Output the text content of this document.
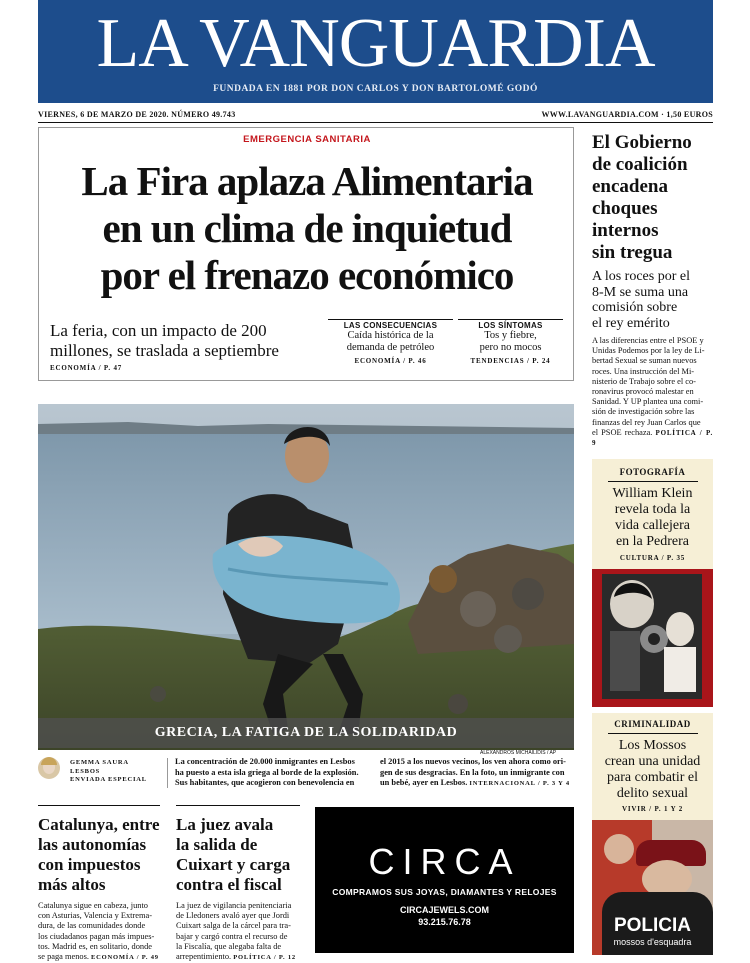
LA VANGUARDIA
FUNDADA EN 1881 POR DON CARLOS Y DON BARTOLOMÉ GODÓ
VIERNES, 6 DE MARZO DE 2020. NÚMERO 49.743	WWW.LAVANGUARDIA.COM · 1,50 EUROS
EMERGENCIA SANITARIA
La Fira aplaza Alimentaria
en un clima de inquietud
por el frenazo económico
La feria, con un impacto de 200
millones, se traslada a septiembre
ECONOMÍA / P. 47
LAS CONSECUENCIAS
Caída histórica de la
demanda de petróleo
ECONOMÍA / P. 46
LOS SÍNTOMAS
Tos y fiebre,
pero no mocos
TENDENCIAS / P. 24
El Gobierno
de coalición
encadena
choques
internos
sin tregua
A los roces por el
8-M se suma una
comisión sobre
el rey emérito
A las diferencias entre el PSOE y
Unidas Podemos por la ley de Li-
bertad Sexual se suman nuevos
roces. Una instrucción del Mi-
nisterio de Trabajo sobre el co-
ronavirus provocó malestar en
Sanidad. Y UP plantea una comi-
sión de investigación sobre las
finanzas del rey Juan Carlos que
el PSOE rechaza. POLÍTICA / P. 9
GRECIA, LA FATIGA DE LA SOLIDARIDAD
ALEXANDROS MICHAILIDIS / AP
GEMMA SAURA
LESBOS
ENVIADA ESPECIAL
La concentración de 20.000 inmigrantes en Lesbos
ha puesto a esta isla griega al borde de la explosión.
Sus habitantes, que acogieron con benevolencia en
el 2015 a los nuevos vecinos, los ven ahora como ori-
gen de sus desgracias. En la foto, un inmigrante con
un bebé, ayer en Lesbos. INTERNACIONAL / P. 3 Y 4
Catalunya, entre
las autonomías
con impuestos
más altos
Catalunya sigue en cabeza, junto
con Asturias, Valencia y Extrema-
dura, de las comunidades donde
los ciudadanos pagan más impues-
tos. Madrid es, en solitario, donde
se paga menos. ECONOMÍA / P. 49
La juez avala
la salida de
Cuixart y carga
contra el fiscal
La juez de vigilancia penitenciaria
de Lledoners avaló ayer que Jordi
Cuixart salga de la cárcel para tra-
bajar y cargó contra el recurso de
la Fiscalía, que alegaba falta de
arrepentimiento. POLÍTICA / P. 12
CIRCA
COMPRAMOS SUS JOYAS, DIAMANTES Y RELOJES
CIRCAJEWELS.COM
93.215.76.78
FOTOGRAFÍA
William Klein
revela toda la
vida callejera
en la Pedrera
CULTURA / P. 35
CRIMINALIDAD
Los Mossos
crean una unidad
para combatir el
delito sexual
VIVIR / P. 1 Y 2
POLICIA
mossos d'esquadra
